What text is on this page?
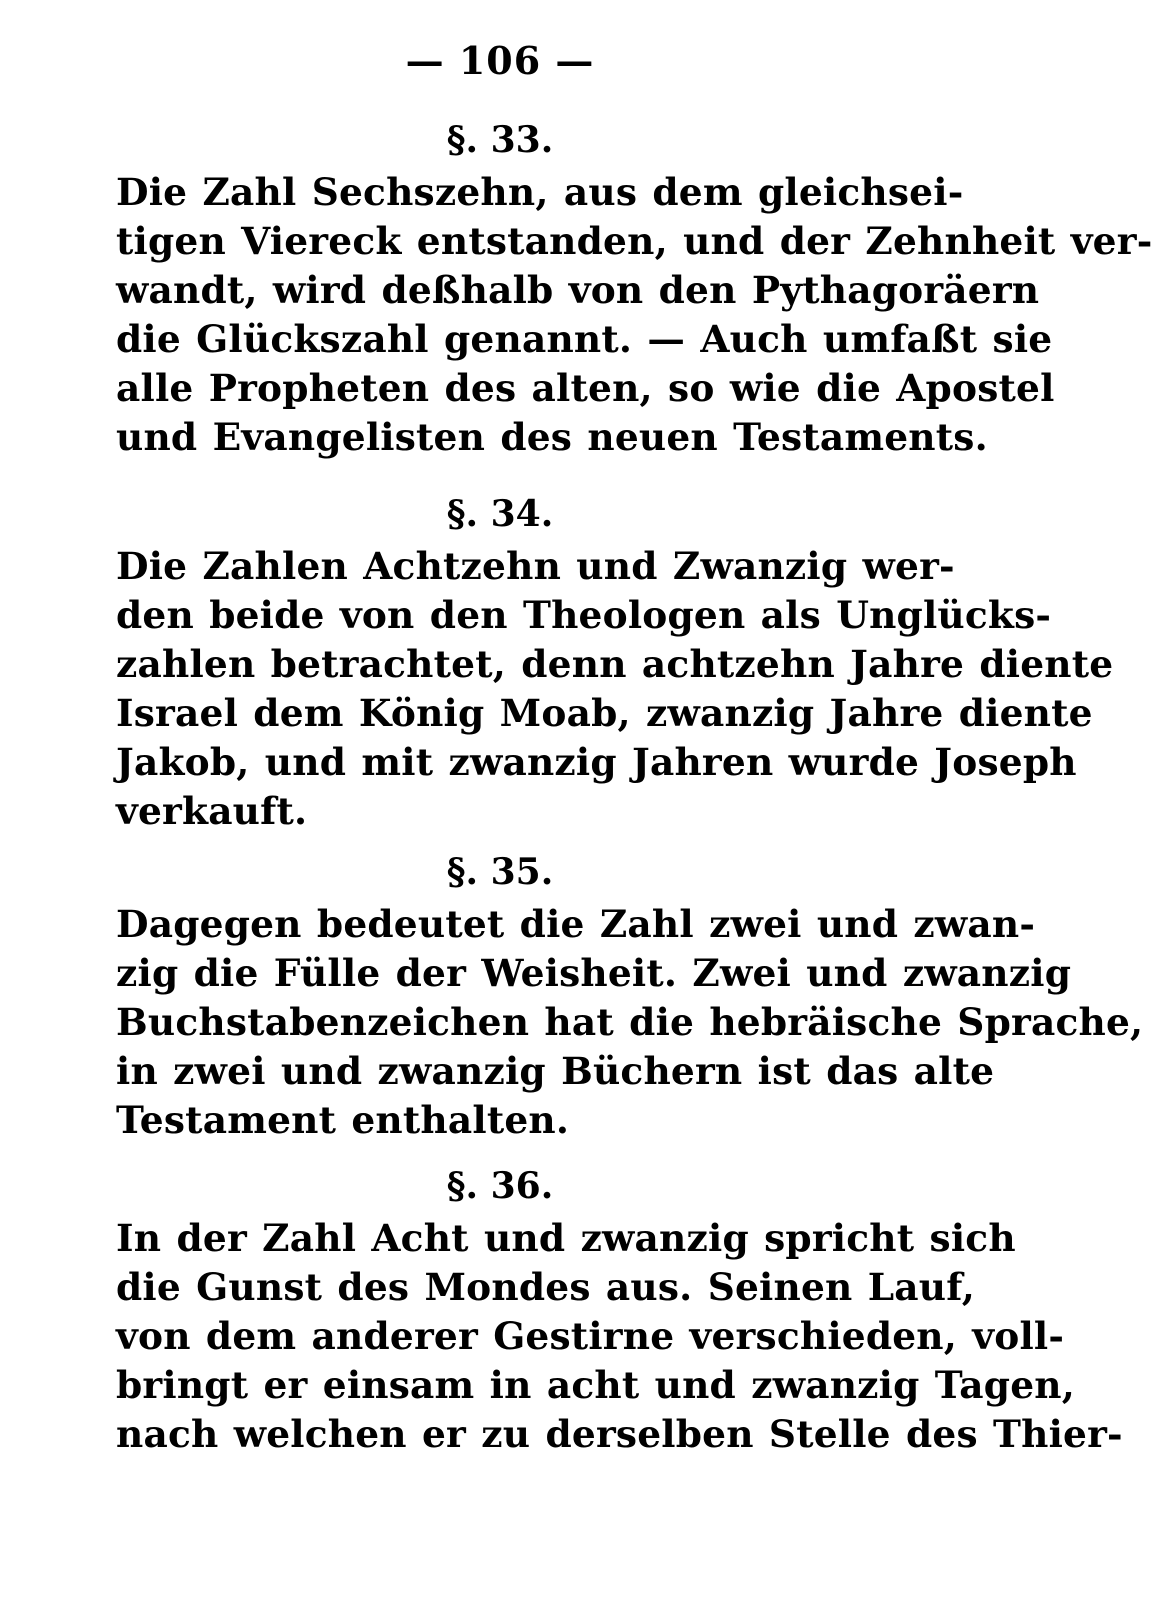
— 106 —
§. 33.
Die Zahl Sechszehn, aus dem gleichsei-
tigen Viereck entstanden, und der Zehnheit ver-
wandt, wird deßhalb von den Pythagoräern
die Glückszahl genannt. — Auch umfaßt sie
alle Propheten des alten, so wie die Apostel
und Evangelisten des neuen Testaments.
§. 34.
Die Zahlen Achtzehn und Zwanzig wer-
den beide von den Theologen als Unglücks-
zahlen betrachtet, denn achtzehn Jahre diente
Israel dem König Moab, zwanzig Jahre diente
Jakob, und mit zwanzig Jahren wurde Joseph
verkauft.
§. 35.
Dagegen bedeutet die Zahl zwei und zwan-
zig die Fülle der Weisheit. Zwei und zwanzig
Buchstabenzeichen hat die hebräische Sprache,
in zwei und zwanzig Büchern ist das alte
Testament enthalten.
§. 36.
In der Zahl Acht und zwanzig spricht sich
die Gunst des Mondes aus. Seinen Lauf,
von dem anderer Gestirne verschieden, voll-
bringt er einsam in acht und zwanzig Tagen,
nach welchen er zu derselben Stelle des Thier-
